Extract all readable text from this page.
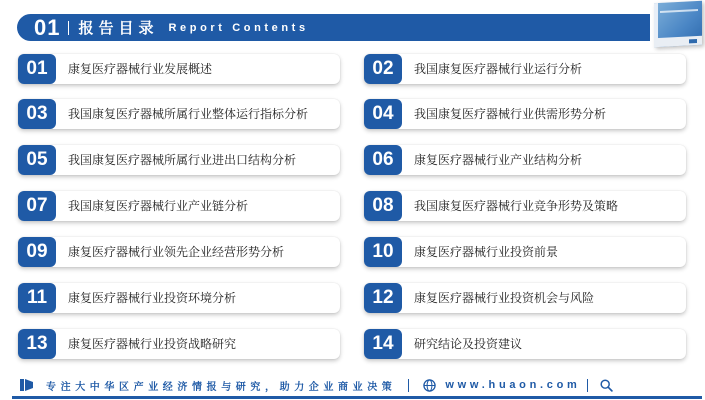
01 报告目录 Report Contents
01	康复医疗器械行业发展概述	02	我国康复医疗器械行业运行分析
03	我国康复医疗器械所属行业整体运行指标分析	04	我国康复医疗器械行业供需形势分析
05	我国康复医疗器械所属行业进出口结构分析	06	康复医疗器械行业产业结构分析
07	我国康复医疗器械行业产业链分析	08	我国康复医疗器械行业竞争形势及策略
09	康复医疗器械行业领先企业经营形势分析	10	康复医疗器械行业投资前景
11	康复医疗器械行业投资环境分析	12	康复医疗器械行业投资机会与风险
13	康复医疗器械行业投资战略研究	14	研究结论及投资建议
专注大中华区产业经济情报与研究，助力企业商业决策	www.huaon.com
